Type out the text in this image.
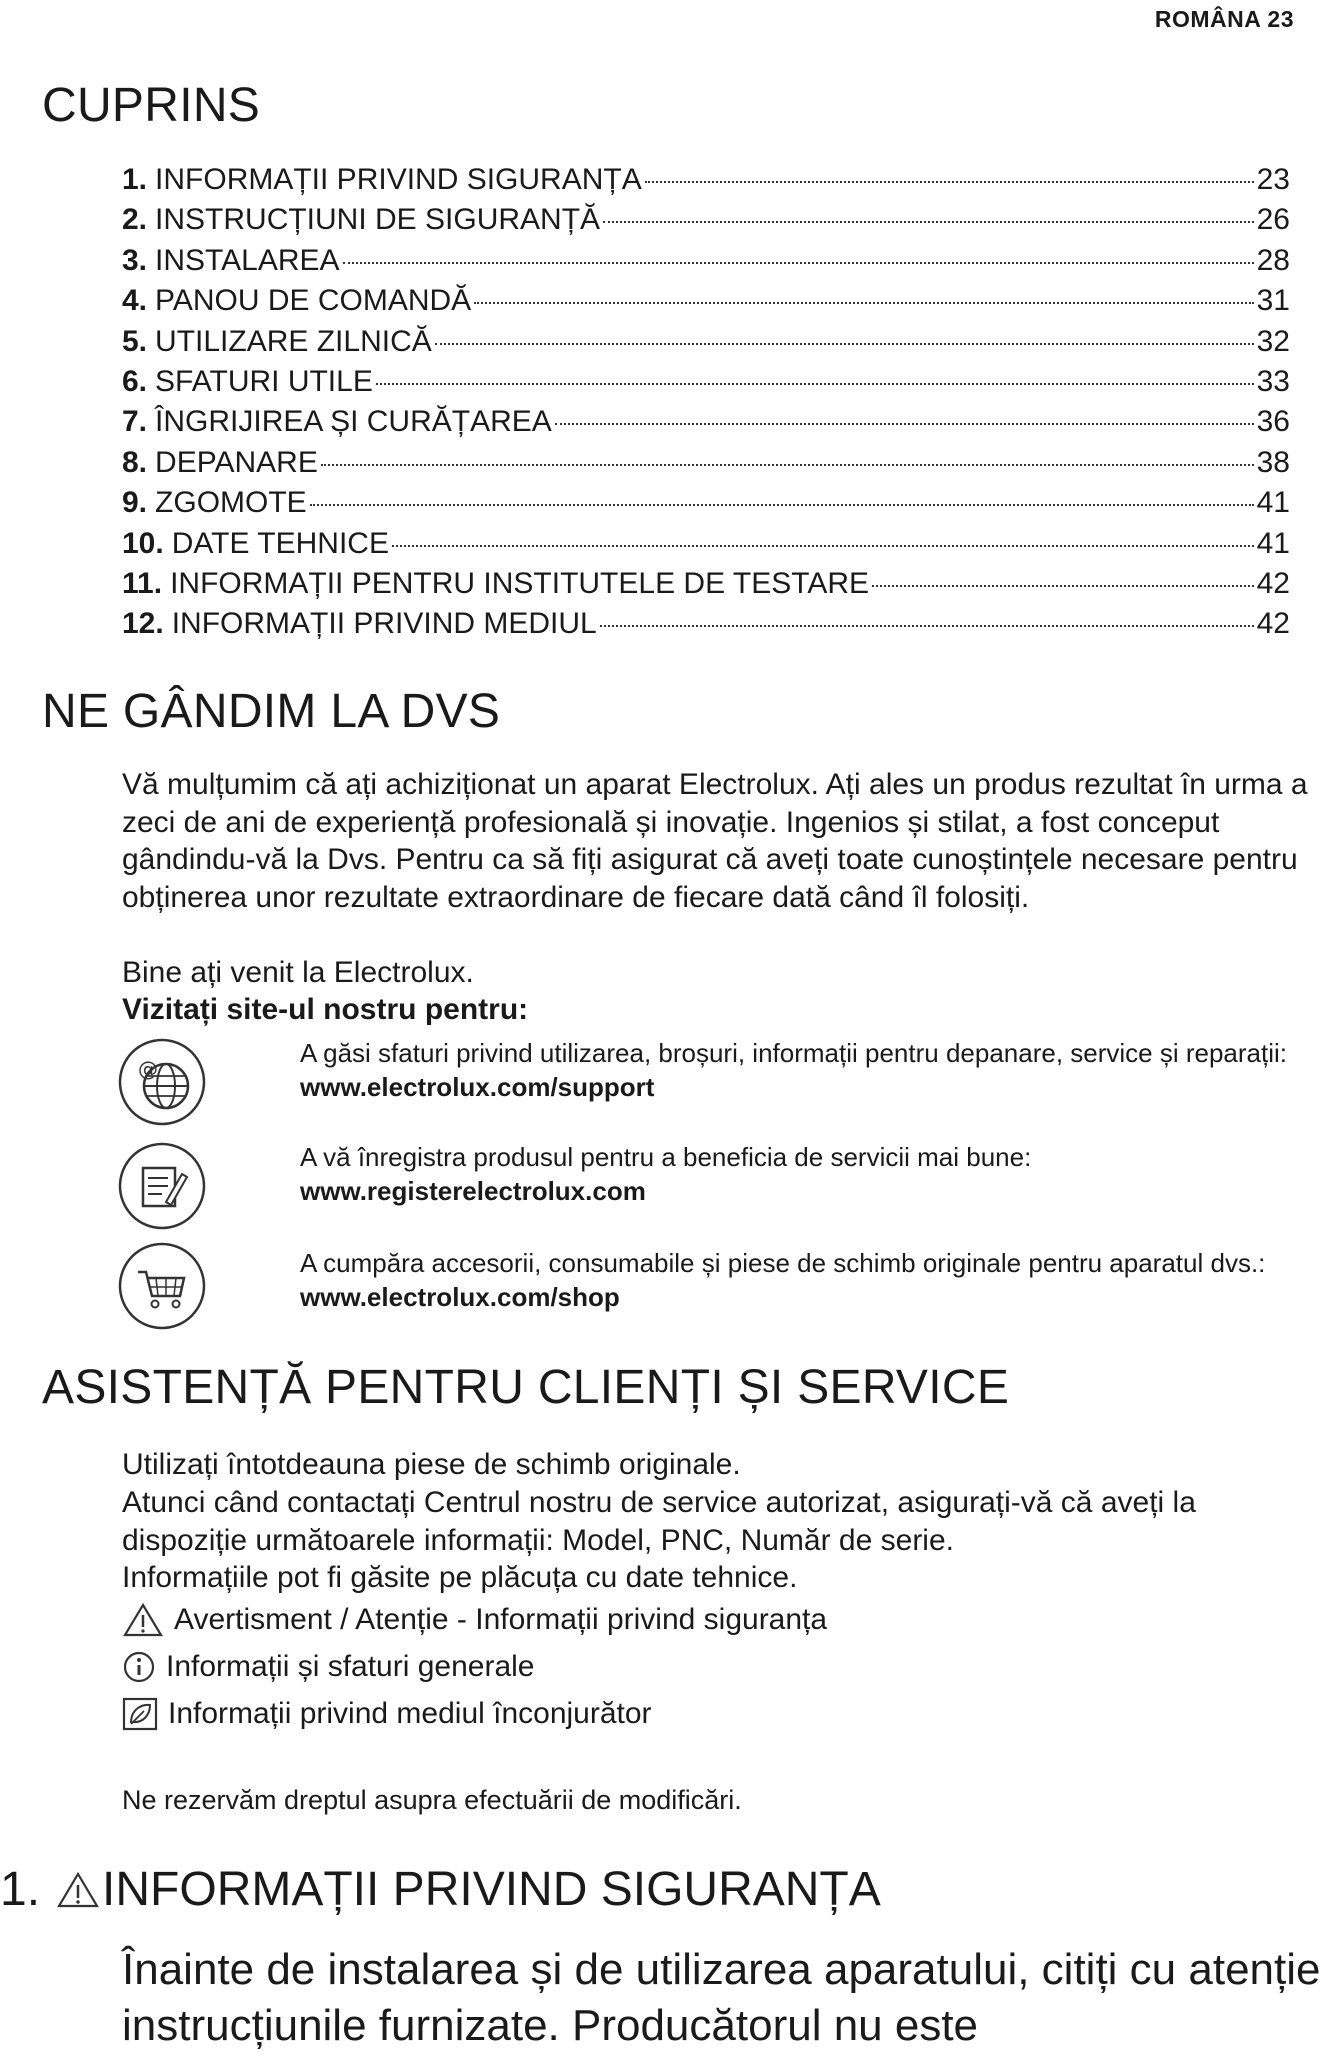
ROMÂNA 23
CUPRINS
1. INFORMAȚII PRIVIND SIGURANȚA	23
2. INSTRUCȚIUNI DE SIGURANȚĂ	26
3. INSTALAREA	28
4. PANOU DE COMANDĂ	31
5. UTILIZARE ZILNICĂ	32
6. SFATURI UTILE	33
7. ÎNGRIJIREA ȘI CURĂȚAREA	36
8. DEPANARE	38
9. ZGOMOTE	41
10. DATE TEHNICE	41
11. INFORMAȚII PENTRU INSTITUTELE DE TESTARE	42
12. INFORMAȚII PRIVIND MEDIUL	42
NE GÂNDIM LA DVS

Vă mulțumim că ați achiziționat un aparat Electrolux. Ați ales un produs rezultat în urma a zeci de ani de experiență profesională și inovație. Ingenios și stilat, a fost conceput gândindu-vă la Dvs. Pentru ca să fiți asigurat că aveți toate cunoștințele necesare pentru obținerea unor rezultate extraordinare de fiecare dată când îl folosiți.

Bine ați venit la Electrolux.

Vizitați site-ul nostru pentru:

@
A găsi sfaturi privind utilizarea, broșuri, informații pentru depanare, service și reparații:
www.electrolux.com/support
A vă înregistra produsul pentru a beneficia de servicii mai bune:
www.registerelectrolux.com
A cumpăra accesorii, consumabile și piese de schimb originale pentru aparatul dvs.:
www.electrolux.com/shop
ASISTENȚĂ PENTRU CLIENȚI ȘI SERVICE

Utilizați întotdeauna piese de schimb originale.

Atunci când contactați Centrul nostru de service autorizat, asigurați-vă că aveți la dispoziție următoarele informații: Model, PNC, Număr de serie.

Informațiile pot fi găsite pe plăcuța cu date tehnice.

Avertisment / Atenție - Informații privind siguranța
Informații și sfaturi generale
Informații privind mediul înconjurător

Ne rezervăm dreptul asupra efectuării de modificări.

1. INFORMAȚII PRIVIND SIGURANȚA

Înainte de instalarea și de utilizarea aparatului, citiți cu atenție instrucțiunile furnizate. Producătorul nu este
